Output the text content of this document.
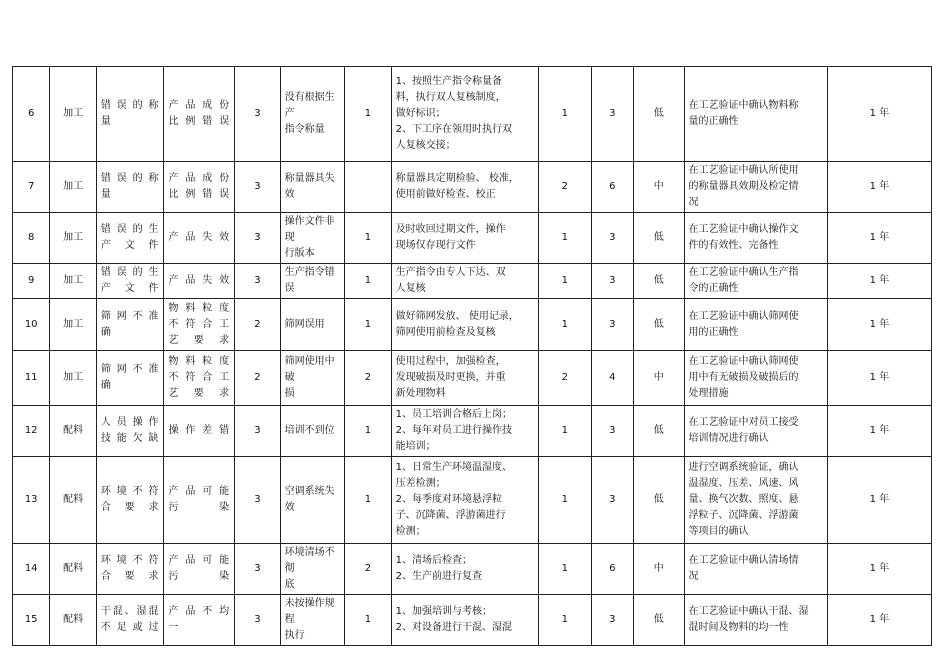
6	加工	错 误 的 称
量	产 品 成 份
比例错误	3	没有根据生产
指令称量	1	1、按照生产指令称量备
料，执行双人复核制度，
做好标识；
2、下工序在领用时执行双
人复核交接；	1	3	低	在工艺验证中确认物料称
量的正确性	1 年
7	加工	错 误 的 称
量	产 品 成 份
比例错误	3	称量器具失效		称量器具定期检验、 校准，
使用前做好检查、校正	2	6	中	在工艺验证中确认所使用
的称量器具效期及检定情
况	1 年
8	加工	错 误 的 生
产文件	产品失效	3	操作文件非现
行版本	1	及时收回过期文件，操作
现场仅存现行文件	1	3	低	在工艺验证中确认操作文
件的有效性、完备性	1 年
9	加工	错 误 的 生
产文件	产品失效	3	生产指令错误	1	生产指令由专人下达、双
人复核	1	3	低	在工艺验证中确认生产指
令的正确性	1 年
10	加工	筛 网 不 准
确	物 料 粒 度
不 符 合 工
艺要求	2	筛网误用	1	做好筛网发放、 使用记录，
筛网使用前检查及复核	1	3	低	在工艺验证中确认筛网使
用的正确性	1 年
11	加工	筛 网 不 准
确	物 料 粒 度
不 符 合 工
艺要求	2	筛网使用中破
损	2	使用过程中，加强检查，
发现破损及时更换，并重
新处理物料	2	4	中	在工艺验证中确认筛网使
用中有无破损及破损后的
处理措施	1 年
12	配料	人 员 操 作
技能欠缺	操作差错	3	培训不到位	1	1、员工培训合格后上岗；
2、每年对员工进行操作技
能培训；	1	3	低	在工艺验证中对员工接受
培训情况进行确认	1 年
13	配料	环 境 不 符
合要求	产 品 可 能
污染	3	空调系统失效	1	1、日常生产环境温湿度、
压差检测；
2、每季度对环境悬浮粒
子、沉降菌、浮游菌进行
检测；	1	3	低	进行空调系统验证，确认
温湿度、压差、风速、风
量、换气次数、照度、悬
浮粒子、沉降菌、浮游菌
等项目的确认	1 年
14	配料	环 境 不 符
合要求	产 品 可 能
污染	3	环境清场不彻
底	2	1、清场后检查；
2、生产前进行复查	1	6	中	在工艺验证中确认清场情
况	1 年
15	配料	干混、湿混
不 足 或 过	产 品 不 均
一	3	未按操作规程
执行	1	1、加强培训与考核；
2、对设备进行干混、湿混	1	3	低	在工艺验证中确认干混、湿
混时间及物料的均一性	1 年
